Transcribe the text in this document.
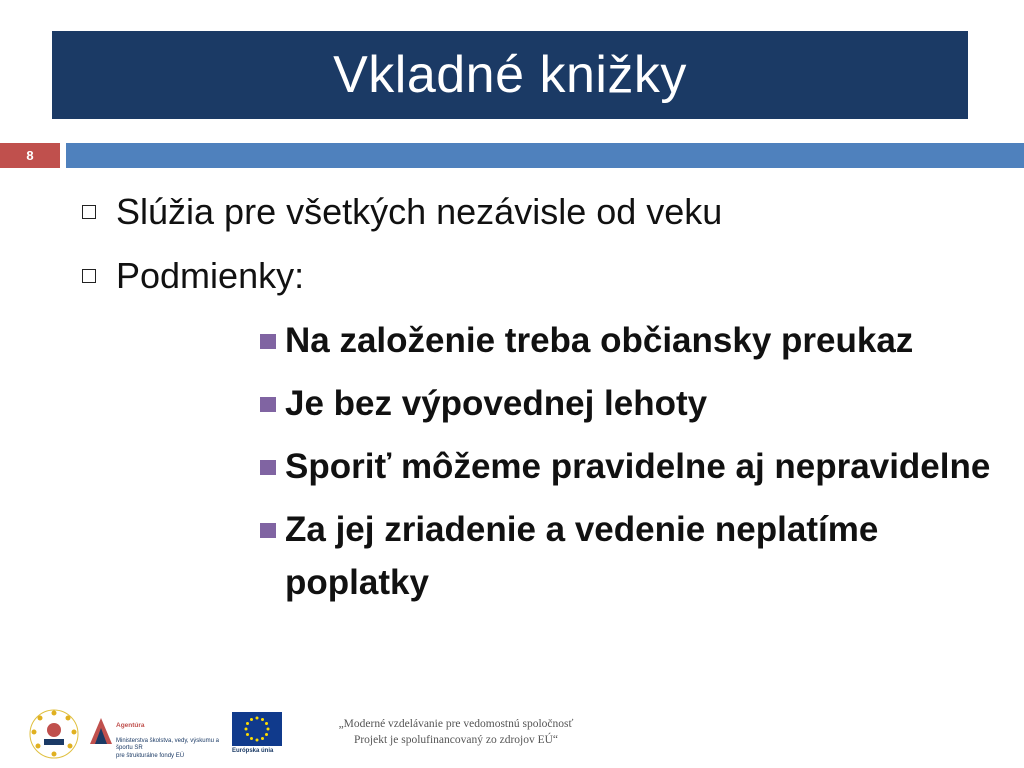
Vkladné knižky
8
Slúžia pre všetkých nezávisle od veku
Podmienky:
Na založenie treba občiansky preukaz
Je bez výpovednej lehoty
Sporiť môžeme pravidelne aj nepravidelne
Za jej zriadenie a vedenie neplatíme poplatky

Agentúra

Ministerstva školstva, vedy, výskumu a športu SR
pre štrukturálne fondy EÚ

Európska únia
„Moderné vzdelávanie pre vedomostnú spoločnosť
Projekt je spolufinancovaný zo zdrojov EÚ“
